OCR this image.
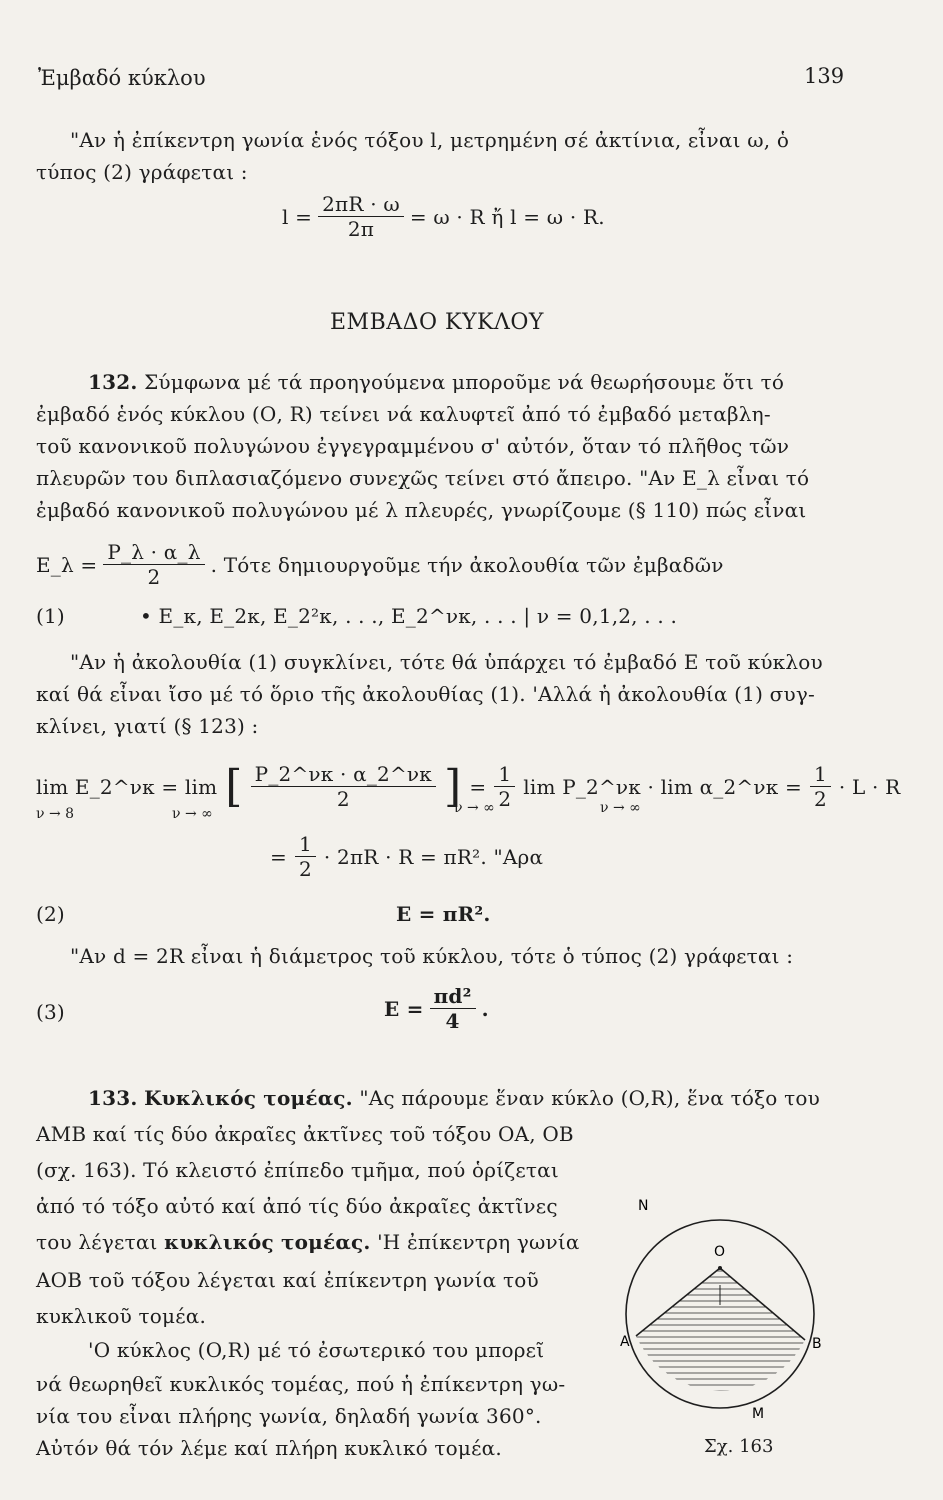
Ἐμβαδό κύκλου	139
"Αν ἡ ἐπίκεντρη γωνία ἑνός τόξου l, μετρημένη σέ ἀκτίνια, εἶναι ω, ὁ
τύπος (2) γράφεται :
$l = \frac{2\pi R \cdot \omega}{2\pi} = \omega \cdot R$ ἤ l = ω · R.
ΕΜΒΑΔΟ ΚΥΚΛΟΥ
132. Σύμφωνα μέ τά προηγούμενα μποροῦμε νά θεωρήσουμε ὅτι τό
ἐμβαδό ἑνός κύκλου (Ο, R) τείνει νά καλυφτεῖ ἀπό τό ἐμβαδό μεταβλη-
τοῦ κανονικοῦ πολυγώνου ἐγγεγραμμένου σ' αὐτόν, ὅταν τό πλῆθος τῶν
πλευρῶν του διπλασιαζόμενο συνεχῶς τείνει στό ἄπειρο. "Αν Ε_λ εἶναι τό
ἐμβαδό κανονικοῦ πολυγώνου μέ λ πλευρές, γνωρίζουμε (§ 110) πώς εἶναι
Ε_λ = $\frac{P\_\lambda \cdot \alpha\_\lambda}{2}$ . Τότε δημιουργοῦμε τήν ἀκολουθία τῶν ἐμβαδῶν
(1)	• Ε_κ, Ε_2κ, Ε_2²κ, . . ., Ε_2^νκ, . . . | ν = 0,1,2, . . .
"Αν ἡ ἀκολουθία (1) συγκλίνει, τότε θά ὑπάρχει τό ἐμβαδό Ε τοῦ κύκλου
καί θά εἶναι ἴσο μέ τό ὅριο τῆς ἀκολουθίας (1). 'Αλλά ἡ ἀκολουθία (1) συγ-
κλίνει, γιατί (§ 123) :
lim Ε_2^νκ = lim [ $\frac{P\_2\^{}\nu\kappa \cdot \alpha\_2\^{}\nu\kappa}{2}$ ] = $\frac{1}{2}$ lim P_2^νκ · lim α_2^νκ = $\frac{1}{2} \cdot L \cdot R$
ν → 8	ν → ∞	ν → ∞	ν → ∞
= $\frac{1}{2} \cdot 2\pi R \cdot R = \pi R^2$. "Αρα
(2)	E = πR².
"Αν d = 2R εἶναι ἡ διάμετρος τοῦ κύκλου, τότε ὁ τύπος (2) γράφεται :
(3)	$E = \frac{\text{πd²}}{4}$ .
133. Κυκλικός τομέας. "Ας πάρουμε ἕναν κύκλο (O,R), ἕνα τόξο του
ΑΜΒ καί τίς δύο ἀκραῖες ἀκτῖνες τοῦ τόξου ΟΑ, ΟΒ
(σχ. 163). Τό κλειστό ἐπίπεδο τμῆμα, πού ὁρίζεται
ἀπό τό τόξο αὐτό καί ἀπό τίς δύο ἀκραῖες ἀκτῖνες
του λέγεται κυκλικός τομέας. 'Η ἐπίκεντρη γωνία
ΑΟΒ τοῦ τόξου λέγεται καί ἐπίκεντρη γωνία τοῦ
κυκλικοῦ τομέα.
'Ο κύκλος (O,R) μέ τό ἐσωτερικό του μπορεῖ
νά θεωρηθεῖ κυκλικός τομέας, πού ἡ ἐπίκεντρη γω-
νία του εἶναι πλήρης γωνία, δηλαδή γωνία 360°.
Αὐτόν θά τόν λέμε καί πλήρη κυκλικό τομέα.
N
O
A	B
M
Σχ. 163
